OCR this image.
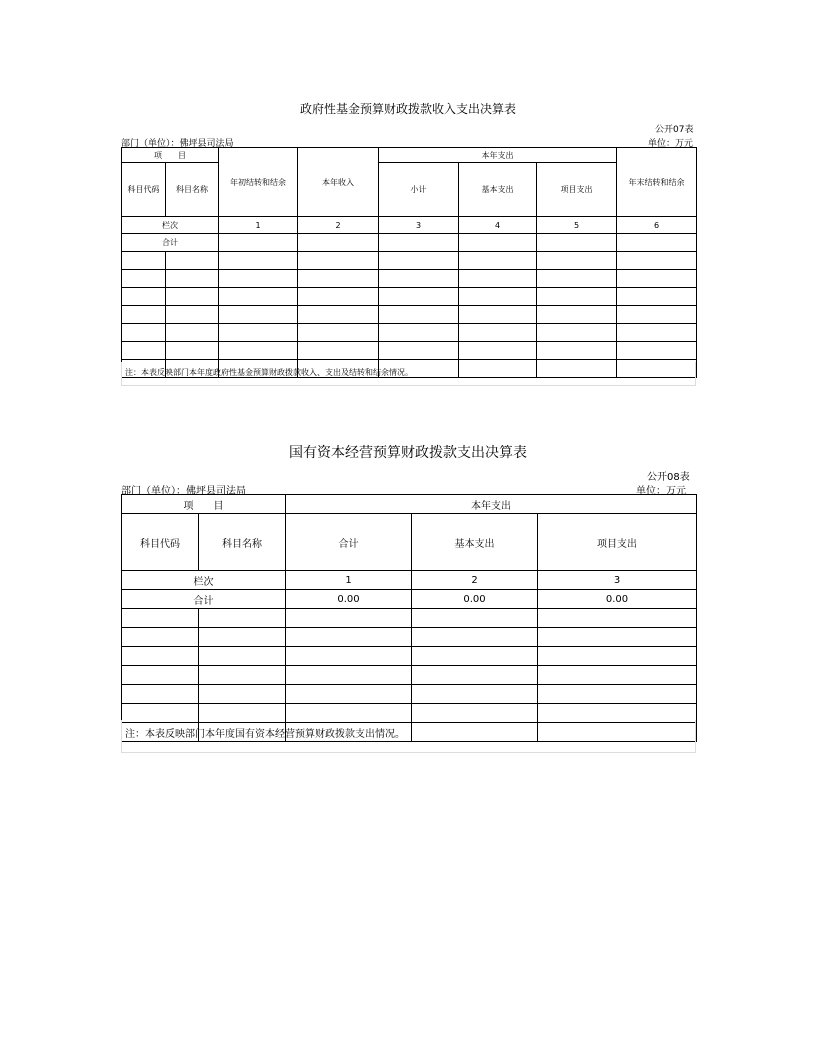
政府性基金预算财政拨款收入支出决算表
公开07表
部门（单位）：佛坪县司法局	单位：万元
项　　目		年初结转和结余	本年收入	本年支出			年末结转和结余
科目代码	科目名称			小计	基本支出	项目支出	
栏次		1	2	3	4	5	6
合计							

注：本表反映部门本年度政府性基金预算财政拨款收入、支出及结转和结余情况。
国有资本经营预算财政拨款支出决算表
公开08表
部门（单位）：佛坪县司法局	单位：万元
项　　目		本年支出		
科目代码	科目名称	合计	基本支出	项目支出
栏次		1	2	3
合计		0.00	0.00	0.00

注：本表反映部门本年度国有资本经营预算财政拨款支出情况。
